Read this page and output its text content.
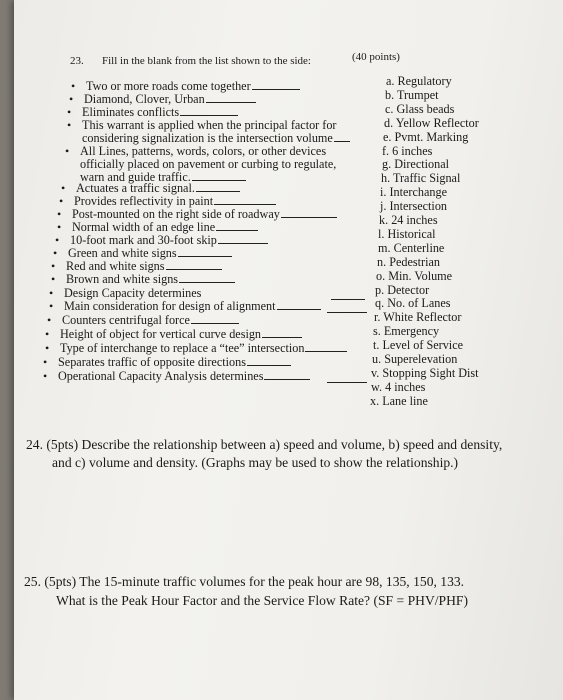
23. Fill in the blank from the list shown to the side:	(40 points)
• Two or more roads come together
• Diamond, Clover, Urban
• Eliminates conflicts
• This warrant is applied when the principal factor for
considering signalization is the intersection volume
• All Lines, patterns, words, colors, or other devices
officially placed on pavement or curbing to regulate,
warn and guide traffic.
• Actuates a traffic signal.
• Provides reflectivity in paint
• Post-mounted on the right side of roadway
• Normal width of an edge line
• 10-foot mark and 30-foot skip
• Green and white signs
• Red and white signs
• Brown and white signs
• Design Capacity determines
• Main consideration for design of alignment
• Counters centrifugal force
• Height of object for vertical curve design
• Type of interchange to replace a “tee” intersection
• Separates traffic of opposite directions
• Operational Capacity Analysis determines
a. Regulatory
b. Trumpet
c. Glass beads
d. Yellow Reflector
e. Pvmt. Marking
f. 6 inches
g. Directional
h. Traffic Signal
i. Interchange
j. Intersection
k. 24 inches
l. Historical
m. Centerline
n. Pedestrian
o. Min. Volume
p. Detector
q. No. of Lanes
r. White Reflector
s. Emergency
t. Level of Service
u. Superelevation
v. Stopping Sight Dist
w. 4 inches
x. Lane line
24. (5pts) Describe the relationship between a) speed and volume, b) speed and density,
and c) volume and density. (Graphs may be used to show the relationship.)
25. (5pts) The 15-minute traffic volumes for the peak hour are 98, 135, 150, 133.
What is the Peak Hour Factor and the Service Flow Rate? (SF = PHV/PHF)
